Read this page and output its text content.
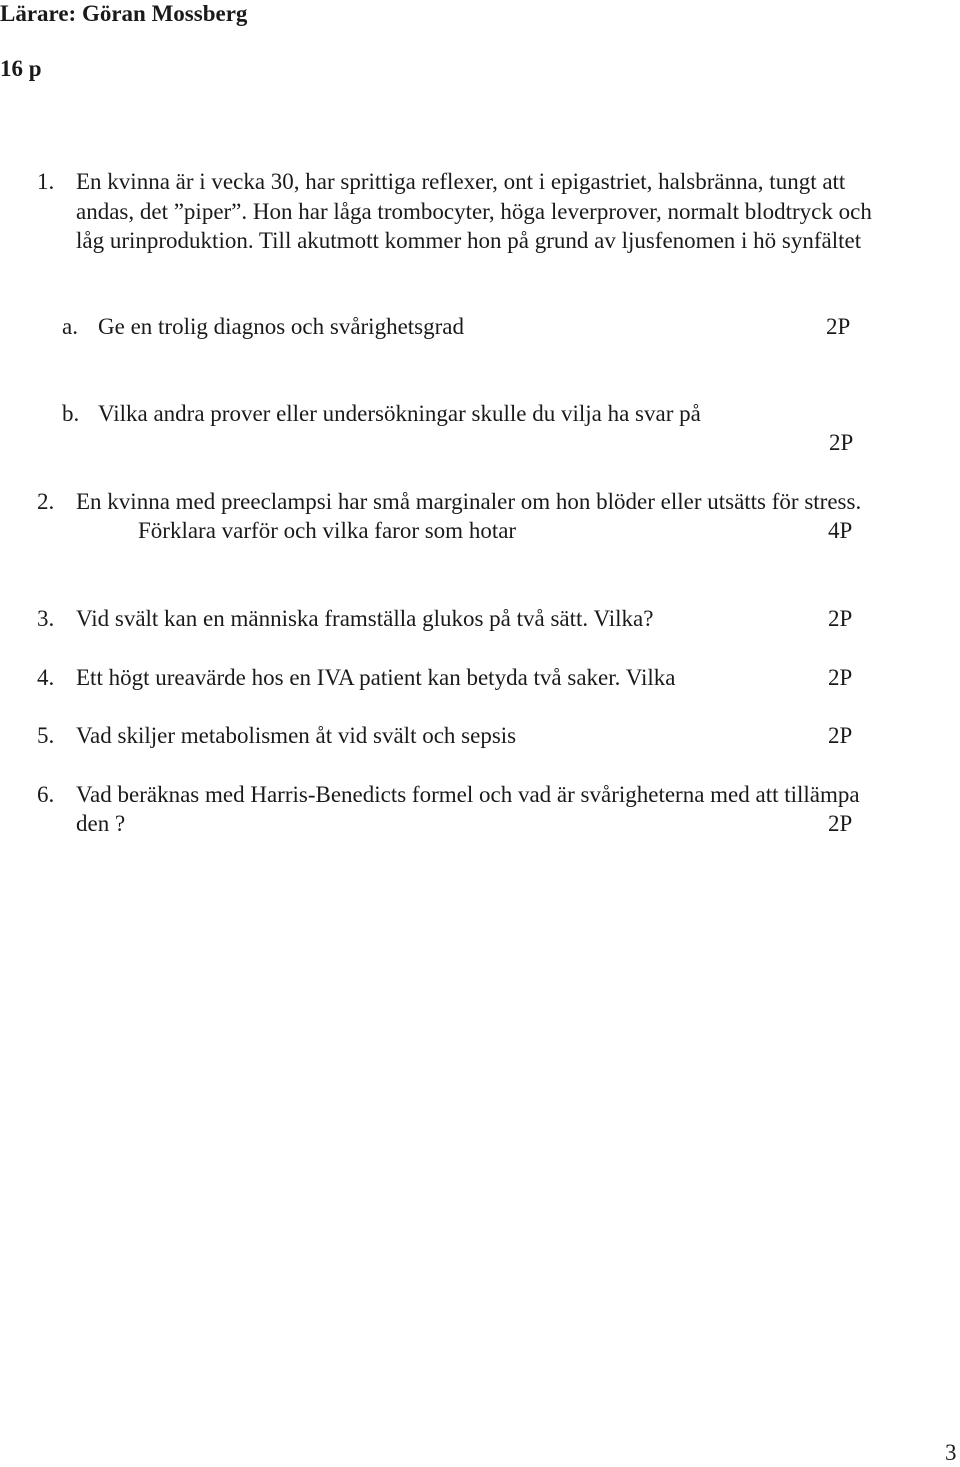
Lärare: Göran Mossberg
16 p
1. En kvinna är i vecka 30, har sprittiga reflexer, ont i epigastriet, halsbränna, tungt att
andas, det ”piper”. Hon har låga trombocyter, höga leverprover, normalt blodtryck och
låg urinproduktion. Till akutmott kommer hon på grund av ljusfenomen i hö synfältet
a. Ge en trolig diagnos och svårighetsgrad	2P
b. Vilka andra prover eller undersökningar skulle du vilja ha svar på
2P
2. En kvinna med preeclampsi har små marginaler om hon blöder eller utsätts för stress.
Förklara varför och vilka faror som hotar	4P
3. Vid svält kan en människa framställa glukos på två sätt. Vilka?	2P
4. Ett högt ureavärde hos en IVA patient kan betyda två saker. Vilka	2P
5. Vad skiljer metabolismen åt vid svält och sepsis	2P
6. Vad beräknas med Harris-Benedicts formel och vad är svårigheterna med att tillämpa
den ?	2P
3
